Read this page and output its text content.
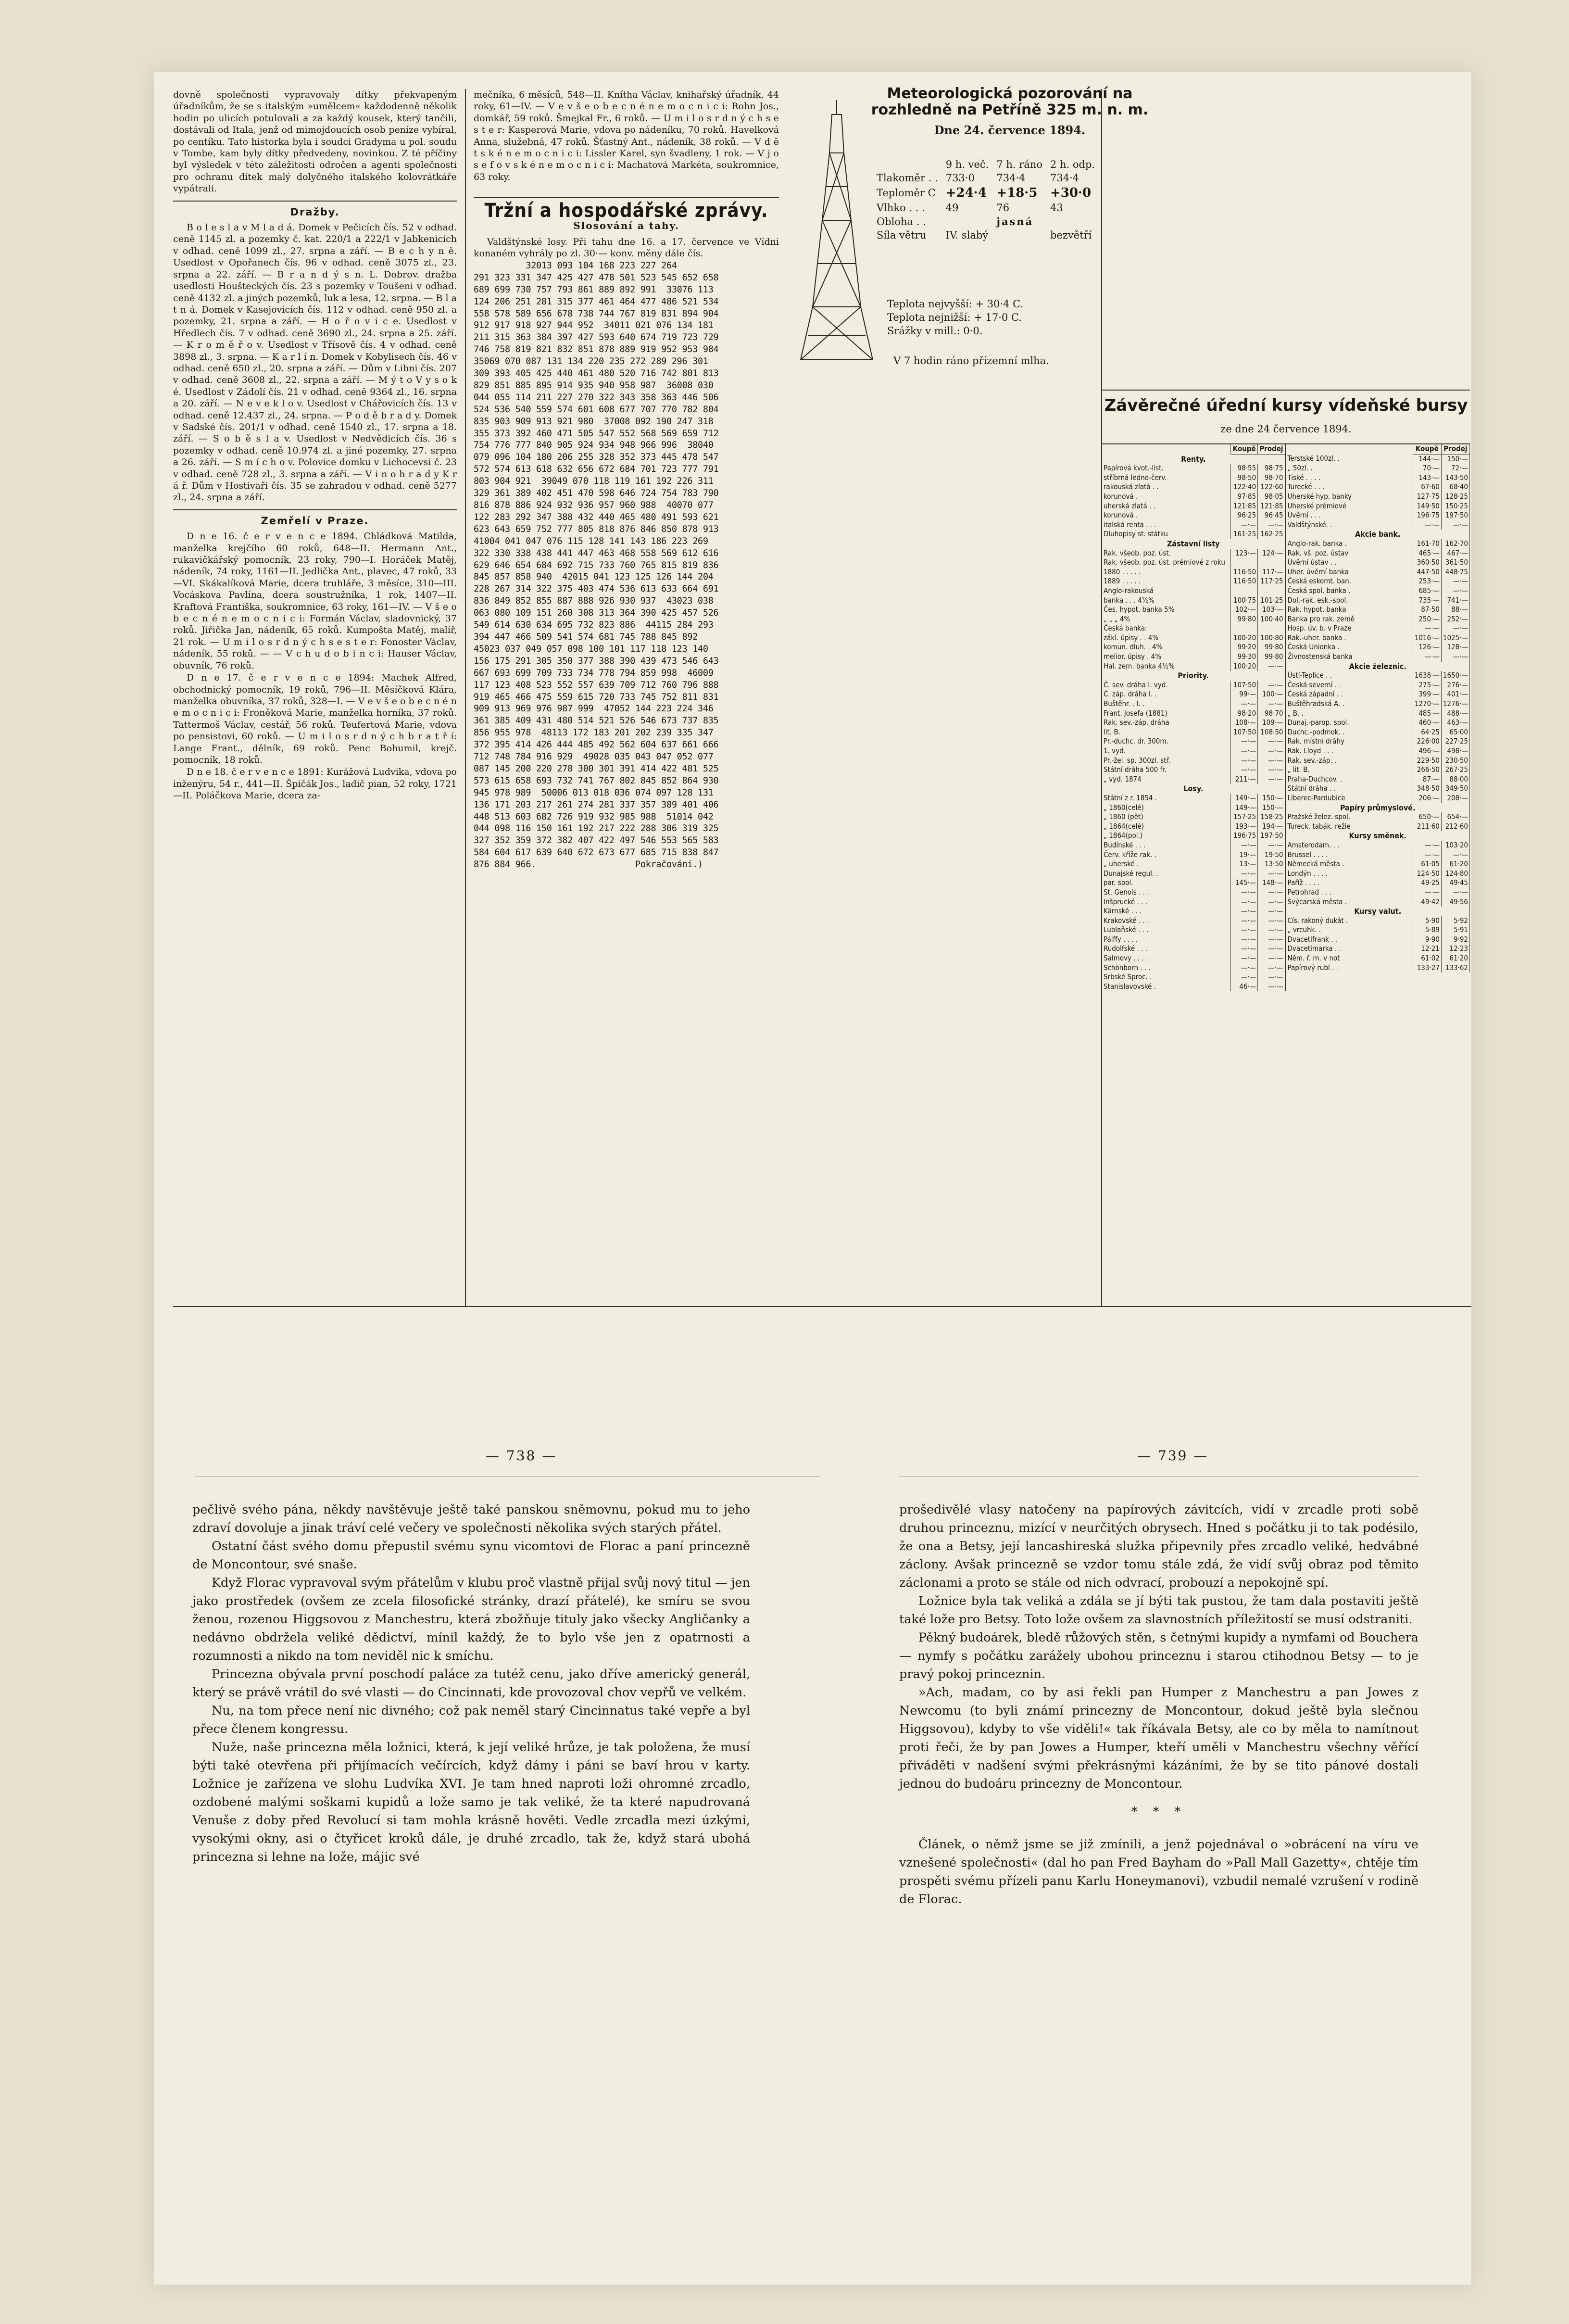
dovně společnosti vypravovaly dítky překvapeným úřadníkům, že se s italským »umělcem« každodenně několik hodin po ulicích potulovali a za každý kousek, který tančili, dostávali od Itala, jenž od mimojdoucích osob peníze vybíral, po centíku. Tato historka byla i soudci Gradyma u pol. soudu v Tombe, kam byly dítky předvedeny, novinkou. Z té příčiny byl výsledek v této záležitosti odročen a agenti společnosti pro ochranu dítek malý dolyčného italského kolovrátkáře vypátrali.

Dražby.

B o l e s l a v M l a d á. Domek v Pečicích čís. 52 v odhad. ceně 1145 zl. a pozemky č. kat. 220/1 a 222/1 v Jabkenicích v odhad. ceně 1099 zl., 27. srpna a září. — B e c h y n ě. Usedlost v Opořanech čís. 96 v odhad. ceně 3075 zl., 23. srpna a 22. září. — B r a n d ý s n. L. Dobrov. dražba usedlosti Houšteckých čís. 23 s pozemky v Toušeni v odhad. ceně 4132 zl. a jiných pozemků, luk a lesa, 12. srpna. — B l a t n á. Domek v Kasejovicích čís. 112 v odhad. ceně 950 zl. a pozemky, 21. srpna a září. — H o ř o v i c e. Usedlost v Hředlech čís. 7 v odhad. ceně 3690 zl., 24. srpna a 25. září. — K r o m ě ř o v. Usedlost v Třísově čís. 4 v odhad. ceně 3898 zl., 3. srpna. — K a r l í n. Domek v Kobylisech čís. 46 v odhad. ceně 650 zl., 20. srpna a září. — Dům v Libni čís. 207 v odhad. ceně 3608 zl., 22. srpna a září. — M ý t o V y s o k é. Usedlost v Zádolí čís. 21 v odhad. ceně 9364 zl., 16. srpna a 20. září. — N e v e k l o v. Usedlost v Chářovicích čís. 13 v odhad. ceně 12.437 zl., 24. srpna. — P o d ě b r a d y. Domek v Sadské čís. 201/1 v odhad. ceně 1540 zl., 17. srpna a 18. září. — S o b ě s l a v. Usedlost v Nedvědicích čís. 36 s pozemky v odhad. ceně 10.974 zl. a jiné pozemky, 27. srpna a 26. září. — S m í c h o v. Polovice domku v Lichocevsi č. 23 v odhad. ceně 728 zl., 3. srpna a září. — V i n o h r a d y K r á ř. Dům v Hostivaři čís. 35 se zahradou v odhad. ceně 5277 zl., 24. srpna a září.

Zemřelí v Praze.

D n e 16. č e r v e n c e 1894. Chládková Matilda, manželka krejčího 60 roků, 648—II. Hermann Ant., rukavičkářský pomocník, 23 roky, 790—I. Horáček Matěj, nádeník, 74 roky, 1161—II. Jedlička Ant., plavec, 47 roků, 33—VI. Skákalíková Marie, dcera truhláře, 3 měsíce, 310—III. Vocáskova Pavlína, dcera soustružníka, 1 rok, 1407—II. Kraftová Františka, soukromnice, 63 roky, 161—IV. — V š e o b e c n é n e m o c n i c i: Formán Václav, sladovnický, 37 roků. Jiřička Jan, nádeník, 65 roků. Kumpošta Matěj, malíř, 21 rok. — U m i l o s r d n ý c h s e s t e r: Fonoster Václav, nádeník, 55 roků. — — V c h u d o b i n c i: Hauser Václav, obuvník, 76 roků.

D n e 17. č e r v e n c e 1894: Machek Alfred, obchodnický pomocník, 19 roků, 796—II. Měsíčková Klára, manželka obuvníka, 37 roků, 328—I. — V e v š e o b e c n é n e m o c n i c i: Froněková Marie, manželka horníka, 37 roků. Tattermoš Václav, cestář, 56 roků. Teufertová Marie, vdova po pensistovi, 60 roků. — U m i l o s r d n ý c h b r a t ř í: Lange Frant., dělník, 69 roků. Penc Bohumil, krejč. pomocník, 18 roků.

D n e 18. č e r v e n c e 1891: Kurážová Ludvika, vdova po inženýru, 54 r., 441—II. Špičák Jos., ladič pian, 52 roky, 1721—II. Poláčkova Marie, dcera za-

mečníka, 6 měsíců, 548—II. Knítha Václav, knihařský úřadník, 44 roky, 61—IV. — V e v š e o b e c n é n e m o c n i c i: Rohn Jos., domkář, 59 roků. Šmejkal Fr., 6 roků. — U m i l o s r d n ý c h s e s t e r: Kasperová Marie, vdova po nádeníku, 70 roků. Havelková Anna, služebná, 47 roků. Šťastný Ant., nádeník, 38 roků. — V d ě t s k é n e m o c n i c i: Lissler Karel, syn švadleny, 1 rok. — V j o s e f o v s k é n e m o c n i c i: Machatová Markéta, soukromnice, 63 roky.

Tržní a hospodářské zprávy.
Slosování a tahy.

Valdštýnské losy. Při tahu dne 16. a 17. července ve Vídni konaném vyhrály po zl. 30·— konv. měny dále čís.

32013 093 104 168 223 227 264
291 323 331 347 425 427 478 501 523 545 652 658
689 699 730 757 793 861 889 892 991  33076 113
124 206 251 281 315 377 461 464 477 486 521 534
558 578 589 656 678 738 744 767 819 831 894 904
912 917 918 927 944 952  34011 021 076 134 181
211 315 363 384 397 427 593 640 674 719 723 729
746 758 819 821 832 851 878 889 919 952 953 984
35069 070 087 131 134 220 235 272 289 296 301
309 393 405 425 440 461 480 520 716 742 801 813
829 851 885 895 914 935 940 958 987  36008 030
044 055 114 211 227 270 322 343 358 363 446 506
524 536 540 559 574 601 608 677 707 770 782 804
835 903 909 913 921 980  37008 092 190 247 318
355 373 392 460 471 505 547 552 568 569 659 712
754 776 777 840 905 924 934 948 966 996  38040
079 096 104 180 206 255 328 352 373 445 478 547
572 574 613 618 632 656 672 684 701 723 777 791
803 904 921  39049 070 118 119 161 192 226 311
329 361 389 402 451 470 598 646 724 754 783 790
816 878 886 924 932 936 957 960 988  40070 077
122 283 292 347 388 432 440 465 480 491 593 621
623 643 659 752 777 805 818 876 846 850 878 913
41004 041 047 076 115 128 141 143 186 223 269
322 330 338 438 441 447 463 468 558 569 612 616
629 646 654 684 692 715 733 760 765 815 819 836
845 857 858 940  42015 041 123 125 126 144 204
228 267 314 322 375 403 474 536 613 633 664 691
836 849 852 855 887 888 926 930 937  43023 038
063 080 109 151 260 308 313 364 390 425 457 526
549 614 630 634 695 732 823 886  44115 284 293
394 447 466 509 541 574 681 745 788 845 892
45023 037 049 057 098 100 101 117 118 123 140
156 175 291 305 350 377 388 390 439 473 546 643
667 693 699 709 733 734 778 794 859 998  46009
117 123 408 523 552 557 639 709 712 760 796 888
919 465 466 475 559 615 720 733 745 752 811 831
909 913 969 976 987 999  47052 144 223 224 346
361 385 409 431 480 514 521 526 546 673 737 835
856 955 978  48113 172 183 201 202 239 335 347
372 395 414 426 444 485 492 562 604 637 661 666
712 748 784 916 929  49028 035 043 047 052 077
087 145 200 220 278 300 301 391 414 422 481 525
573 615 658 693 732 741 767 802 845 852 864 930
945 978 989  50006 013 018 036 074 097 128 131
136 171 203 217 261 274 281 337 357 389 401 406
448 513 603 682 726 919 932 985 988  51014 042
044 098 116 150 161 192 217 222 288 306 319 325
327 352 359 372 382 407 422 497 546 553 565 583
584 604 617 639 640 672 673 677 685 715 838 847
876 884 966.                   Pokračování.)
Meteorologická pozorování na rozhledně na Petříně 325 m. n. m.
Dne 24. července 1894.
	9 h. več.	7 h. ráno	2 h. odp.
Tlakoměr . .	733·0	734·4	734·4
Teploměr C	+24·4	+18·5	+30·0
Vlhko . . .	49	76	43
Obloha . .		jasná	
Síla větru	IV. slabý		bezvětří
Teplota nejvyšší: + 30·4 C.
Teplota nejnižší: + 17·0 C.
Srážky v mill.: 0·0.
V 7 hodin ráno přízemní mlha.
Závěrečné úřední kursy vídeňské bursy
ze dne 24 července 1894.
	Koupě	Prodej
Renty.		
Papírová kvot.-list.	98·55	98·75
stříbrná ledno-červ.	98·50	98·70
rakouská zlatá . .	122·40	122·60
korunová .	97·85	98·05
uherská zlatá . .	121·85	121·85
korunová .	96·25	96·45
italská renta . . .	—·—	—·—
Dluhopisy st. státku	161·25	162·25
Zástavní listy		
Rak. všeob. poz. úst.	123·—	124·—
Rak. všeob. poz. úst. prémiové z roku		
1880 . . . . .	116·50	117·—
1889 . . . . .	116·50	117·25
Anglo-rakouská		
banka . . . 4½%	100·75	101·25
Čes. hypot. banka 5%	102·—	103·—
„ „ „ 4%	99·80	100·40
Česká banka:		
zákl. úpisy . . 4%	100·20	100·80
komun. dluh. . 4%	99·20	99·80
melior. úpisy . 4%	99·30	99·80
Hal. zem. banka 4½%	100·20	—·—
Priority.		
Č. sev. dráha I. vyd.	107·50	—·—
Č. záp. dráha I. .	99·—	100·—
Buštěhr. . I. .	—·—	—·—
Frant. Josefa (1881)	98·20	98·70
Rak. sev.-záp. dráha	108·—	109·—
lit. B.	107·50	108·50
Pr.-duchc. dr. 300m.	—·—	—·—
1. vyd.	—·—	—·—
Pr.-žel. sp. 300zl. stř.	—·—	—·—
Státní dráha 500 fr.	—·—	—·—
„ vyd. 1874	211·—	—·—
Losy.		
Státní z r. 1854 .	149·—	150·—
„ 1860(celé)	149·—	150·—
„ 1860 (pět)	157·25	158·25
„ 1864(celé)	193·—	194·—
„ 1864(pol.)	196·75	197·50
Budínské . . .	—·—	—·—
Červ. kříže rak. .	19·—	19·50
„ uherské .	13·—	13·50
Dunajské regul. .	—·—	—·—
par. spol.	145·—	148·—
St. Genois . . .	—·—	—·—
Inšprucké . . .	—·—	—·—
Kärnské . . .	—·—	—·—
Krakovské . . .	—·—	—·—
Lublaňské . . .	—·—	—·—
Pálffy . . . .	—·—	—·—
Rudolfské . . .	—·—	—·—
Salmovy . . . .	—·—	—·—
Schönborn . . .	—·—	—·—
Srbské Sproc. .	—·—	—·—
Stanislavovské .	46·—	—·—
	Koupě	Prodej
Terstské 100zl. .	144·—	150·—
„ 50zl. .	70·—	72·—
Tiské . . . .	143·—	143·50
Turecké . . .	67·60	68·40
Uherské hyp. banky	127·75	128·25
Uherské prémiové	149·50	150·25
Úvěrní . . .	196·75	197·50
Valdštýnské. .	—·—	—·—
Akcie bank.		
Anglo-rak. banka .	161·70	162·70
Rak. vš. poz. ústav	465·—	467·—
Úvěrní ústav . .	360·50	361·50
Uher. úvěrní banka	447·50	448·75
Česká eskomt. ban.	253·—	—·—
Česká spol. banka .	685·—	—·—
Dol.-rak. esk.-spol.	735·—	741·—
Rak. hypot. banka	87·50	88·—
Banka pro rak. země	250·—	252·—
Hosp. úv. b. v Praze	—·—	—·—
Rak.-uher. banka .	1016·—	1025·—
Česká Unionka .	126·—	128·—
Živnostenská banka	—·—	—·—
Akcie železnic.		
Ústí-Teplice . .	1638·—	1650·—
Česká severní . .	275·—	276·—
Česká západní . .	399·—	401·—
Buštěhradská A. .	1270·—	1276·—
„ B. .	485·—	488·—
Dunaj.-parop. spol.	460·—	463·—
Duchc.-podmok. .	64·25	65·00
Rak. místní dráhy	226·00	227·25
Rak. Lloyd . . .	496·—	498·—
Rak. sev.-záp. .	229·50	230·50
„ lit. B.	266·50	267·25
Praha-Duchcov. .	87·—	88·00
Státní dráha . .	348·50	349·50
Liberec-Pardubice	206·—	208·—
Papíry průmyslové.		
Pražské želez. spol.	650·—	654·—
Tureck. tabák. režie	211·60	212·60
Kursy směnek.		
Amsterodam. . .	—·—	103·20
Brussel . . . .	—·—	—·—
Německá města .	61·05	61·20
Londýn . . . .	124·50	124·80
Paříž . . . .	49·25	49·45
Petrohrad . . .	—·—	—·—
Švýcarská města .	49·42	49·56
Kursy valut.		
Cís. rakoný dukát .	5·90	5·92
„ vrcuhk. .	5·89	5·91
Dvacetifrank . .	9·90	9·92
Dvacetimarka . .	12·21	12·23
Něm. ř. m. v not	61·02	61·20
Papírový rubl . .	133·27	133·62
— 738 —	— 739 —

pečlivě svého pána, někdy navštěvuje ještě také panskou sněmovnu, pokud mu to jeho zdraví dovoluje a jinak tráví celé večery ve společnosti několika svých starých přátel.

Ostatní část svého domu přepustil svému synu vicomtovi de Florac a paní princezně de Moncontour, své snaše.

Když Florac vypravoval svým přátelům v klubu proč vlastně přijal svůj nový titul — jen jako prostředek (ovšem ze zcela filosofické stránky, drazí přátelé), ke smíru se svou ženou, rozenou Higgsovou z Manchestru, která zbožňuje tituly jako všecky Angličanky a nedávno obdržela veliké dědictví, mínil každý, že to bylo vše jen z opatrnosti a rozumnosti a nikdo na tom neviděl nic k smíchu.

Princezna obývala první poschodí paláce za tutéž cenu, jako dříve americký generál, který se právě vrátil do své vlasti — do Cincinnati, kde provozoval chov vepřů ve velkém.

Nu, na tom přece není nic divného; což pak neměl starý Cincinnatus také vepře a byl přece členem kongressu.

Nuže, naše princezna měla ložnici, která, k její veliké hrůze, je tak položena, že musí býti také otevřena při přijímacích večírcích, když dámy i páni se baví hrou v karty. Ložnice je zařízena ve slohu Ludvíka XVI. Je tam hned naproti loži ohromné zrcadlo, ozdobené malými soškami kupidů a lože samo je tak veliké, že ta které napudrovaná Venuše z doby před Revolucí si tam mohla krásně hověti. Vedle zrcadla mezi úzkými, vysokými okny, asi o čtyřicet kroků dále, je druhé zrcadlo, tak že, když stará ubohá princezna si lehne na lože, májic své

prošedivělé vlasy natočeny na papírových závitcích, vidí v zrcadle proti sobě druhou princeznu, mizící v neurčitých obrysech. Hned s počátku ji to tak podésilo, že ona a Betsy, její lancashireská služka připevnily přes zrcadlo veliké, hedvábné záclony. Avšak princezně se vzdor tomu stále zdá, že vidí svůj obraz pod těmito záclonami a proto se stále od nich odvrací, probouzí a nepokojně spí.

Ložnice byla tak veliká a zdála se jí býti tak pustou, že tam dala postaviti ještě také lože pro Betsy. Toto lože ovšem za slavnostních příležitostí se musí odstraniti.

Pěkný budoárek, bledě růžových stěn, s četnými kupidy a nymfami od Bouchera — nymfy s počátku zarážely ubohou princeznu i starou ctihodnou Betsy — to je pravý pokoj princeznin.

»Ach, madam, co by asi řekli pan Humper z Manchestru a pan Jowes z Newcomu (to byli známí princezny de Moncontour, dokud ještě byla slečnou Higgsovou), kdyby to vše viděli!« tak říkávala Betsy, ale co by měla to namítnout proti řeči, že by pan Jowes a Humper, kteří uměli v Manchestru všechny věřící přiváděti v nadšení svými překrásnými kázáními, že by se tito pánové dostali jednou do budoáru princezny de Moncontour.

* * *

Článek, o němž jsme se již zmínili, a jenž pojednával o »obrácení na víru ve vznešené společnosti« (dal ho pan Fred Bayham do »Pall Mall Gazetty«, chtěje tím prospěti svému přízeli panu Karlu Honeymanovi), vzbudil nemalé vzrušení v rodině de Florac.
